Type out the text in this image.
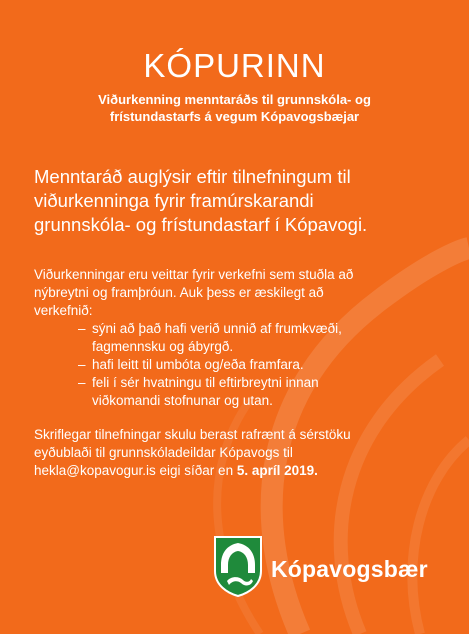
KÓPURINN
Viðurkenning menntaráðs til grunnskóla- og
frístundastarfs á vegum Kópavogsbæjar
Menntaráð auglýsir eftir tilnefningum til
viðurkenninga fyrir framúrskarandi
grunnskóla- og frístundastarf í Kópavogi.
Viðurkenningar eru veittar fyrir verkefni sem stuðla að
nýbreytni og framþróun. Auk þess er æskilegt að
verkefnið:
– sýni að það hafi verið unnið af frumkvæði,
fagmennsku og ábyrgð.
– hafi leitt til umbóta og/eða framfara.
– feli í sér hvatningu til eftirbreytni innan
viðkomandi stofnunar og utan.
Skriflegar tilnefningar skulu berast rafrænt á sérstöku
eyðublaði til grunnskóladeildar Kópavogs til
hekla@kopavogur.is eigi síðar en 5. apríl 2019.
Kópavogsbær
